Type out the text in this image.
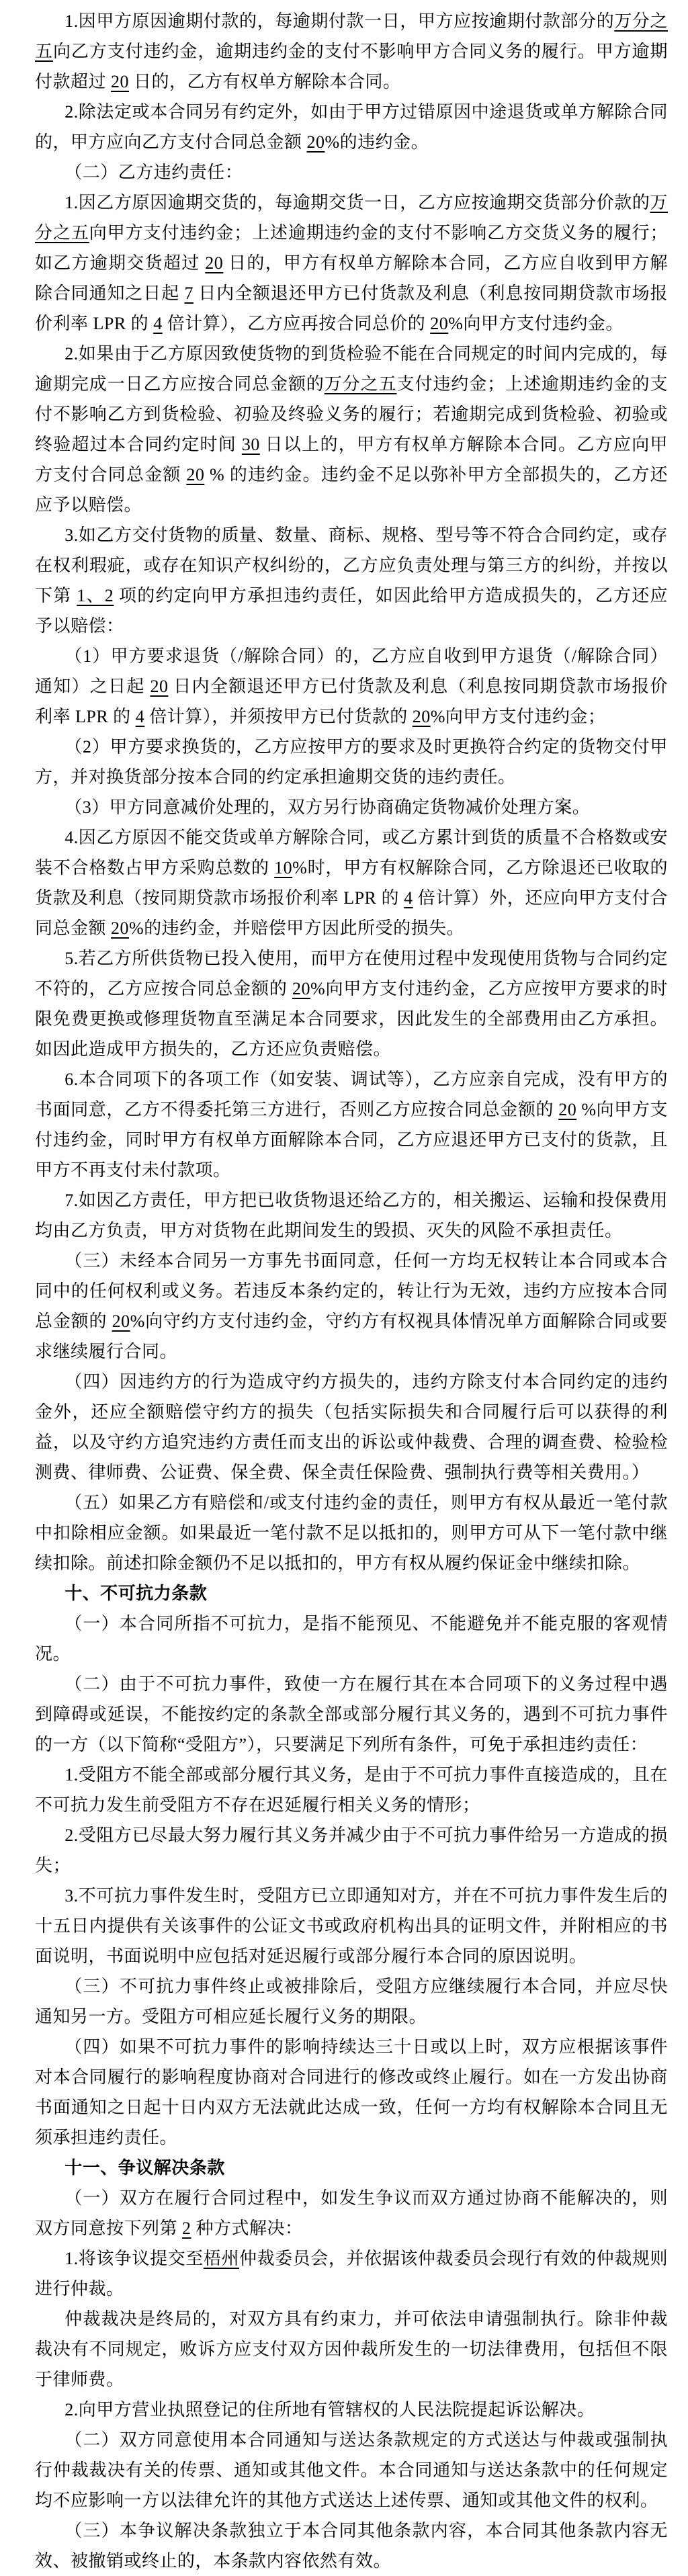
1.因甲方原因逾期付款的，每逾期付款一日，甲方应按逾期付款部分的万分之五向乙方支付违约金，逾期违约金的支付不影响甲方合同义务的履行。甲方逾期付款超过 20 日的，乙方有权单方解除本合同。

2.除法定或本合同另有约定外，如由于甲方过错原因中途退货或单方解除合同的，甲方应向乙方支付合同总金额 20%的违约金。

（二）乙方违约责任：

1.因乙方原因逾期交货的，每逾期交货一日，乙方应按逾期交货部分价款的万分之五向甲方支付违约金；上述逾期违约金的支付不影响乙方交货义务的履行；如乙方逾期交货超过 20 日的，甲方有权单方解除本合同，乙方应自收到甲方解除合同通知之日起 7 日内全额退还甲方已付货款及利息（利息按同期贷款市场报价利率 LPR 的 4 倍计算），乙方应再按合同总价的 20%向甲方支付违约金。

2.如果由于乙方原因致使货物的到货检验不能在合同规定的时间内完成的，每逾期完成一日乙方应按合同总金额的万分之五支付违约金；上述逾期违约金的支付不影响乙方到货检验、初验及终验义务的履行；若逾期完成到货检验、初验或终验超过本合同约定时间 30 日以上的，甲方有权单方解除本合同。乙方应向甲方支付合同总金额 20 % 的违约金。违约金不足以弥补甲方全部损失的，乙方还应予以赔偿。

3.如乙方交付货物的质量、数量、商标、规格、型号等不符合合同约定，或存在权利瑕疵，或存在知识产权纠纷的，乙方应负责处理与第三方的纠纷，并按以下第 1、2 项的约定向甲方承担违约责任，如因此给甲方造成损失的，乙方还应予以赔偿：

（1）甲方要求退货（/解除合同）的，乙方应自收到甲方退货（/解除合同）通知）之日起 20 日内全额退还甲方已付货款及利息（利息按同期贷款市场报价利率 LPR 的 4 倍计算），并须按甲方已付货款的 20%向甲方支付违约金；

（2）甲方要求换货的，乙方应按甲方的要求及时更换符合约定的货物交付甲方，并对换货部分按本合同的约定承担逾期交货的违约责任。

（3）甲方同意减价处理的，双方另行协商确定货物减价处理方案。

4.因乙方原因不能交货或单方解除合同，或乙方累计到货的质量不合格数或安装不合格数占甲方采购总数的 10%时，甲方有权解除合同，乙方除退还已收取的货款及利息（按同期贷款市场报价利率 LPR 的 4 倍计算）外，还应向甲方支付合同总金额 20%的违约金，并赔偿甲方因此所受的损失。

5.若乙方所供货物已投入使用，而甲方在使用过程中发现使用货物与合同约定不符的，乙方应按合同总金额的 20%向甲方支付违约金，乙方应按甲方要求的时限免费更换或修理货物直至满足本合同要求，因此发生的全部费用由乙方承担。如因此造成甲方损失的，乙方还应负责赔偿。

6.本合同项下的各项工作（如安装、调试等），乙方应亲自完成，没有甲方的书面同意，乙方不得委托第三方进行，否则乙方应按合同总金额的 20 %向甲方支付违约金，同时甲方有权单方面解除本合同，乙方应退还甲方已支付的货款，且甲方不再支付未付款项。

7.如因乙方责任，甲方把已收货物退还给乙方的，相关搬运、运输和投保费用均由乙方负责，甲方对货物在此期间发生的毁损、灭失的风险不承担责任。

（三）未经本合同另一方事先书面同意，任何一方均无权转让本合同或本合同中的任何权利或义务。若违反本条约定的，转让行为无效，违约方应按本合同总金额的 20%向守约方支付违约金，守约方有权视具体情况单方面解除合同或要求继续履行合同。

（四）因违约方的行为造成守约方损失的，违约方除支付本合同约定的违约金外，还应全额赔偿守约方的损失（包括实际损失和合同履行后可以获得的利益，以及守约方追究违约方责任而支出的诉讼或仲裁费、合理的调查费、检验检测费、律师费、公证费、保全费、保全责任保险费、强制执行费等相关费用。）

（五）如果乙方有赔偿和/或支付违约金的责任，则甲方有权从最近一笔付款中扣除相应金额。如果最近一笔付款不足以抵扣的，则甲方可从下一笔付款中继续扣除。前述扣除金额仍不足以抵扣的，甲方有权从履约保证金中继续扣除。

十、不可抗力条款

（一）本合同所指不可抗力，是指不能预见、不能避免并不能克服的客观情况。

（二）由于不可抗力事件，致使一方在履行其在本合同项下的义务过程中遇到障碍或延误，不能按约定的条款全部或部分履行其义务的，遇到不可抗力事件的一方（以下简称“受阻方”），只要满足下列所有条件，可免于承担违约责任：

1.受阻方不能全部或部分履行其义务，是由于不可抗力事件直接造成的，且在不可抗力发生前受阻方不存在迟延履行相关义务的情形；

2.受阻方已尽最大努力履行其义务并减少由于不可抗力事件给另一方造成的损失；

3.不可抗力事件发生时，受阻方已立即通知对方，并在不可抗力事件发生后的十五日内提供有关该事件的公证文书或政府机构出具的证明文件，并附相应的书面说明，书面说明中应包括对延迟履行或部分履行本合同的原因说明。

（三）不可抗力事件终止或被排除后，受阻方应继续履行本合同，并应尽快通知另一方。受阻方可相应延长履行义务的期限。

（四）如果不可抗力事件的影响持续达三十日或以上时，双方应根据该事件对本合同履行的影响程度协商对合同进行的修改或终止履行。如在一方发出协商书面通知之日起十日内双方无法就此达成一致，任何一方均有权解除本合同且无须承担违约责任。

十一、争议解决条款

（一）双方在履行合同过程中，如发生争议而双方通过协商不能解决的，则双方同意按下列第 2 种方式解决：

1.将该争议提交至梧州仲裁委员会，并依据该仲裁委员会现行有效的仲裁规则进行仲裁。

仲裁裁决是终局的，对双方具有约束力，并可依法申请强制执行。除非仲裁裁决有不同规定，败诉方应支付双方因仲裁所发生的一切法律费用，包括但不限于律师费。

2.向甲方营业执照登记的住所地有管辖权的人民法院提起诉讼解决。

（二）双方同意使用本合同通知与送达条款规定的方式送达与仲裁或强制执行仲裁裁决有关的传票、通知或其他文件。本合同通知与送达条款中的任何规定均不应影响一方以法律允许的其他方式送达上述传票、通知或其他文件的权利。

（三）本争议解决条款独立于本合同其他条款内容，本合同其他条款内容无效、被撤销或终止的，本条款内容依然有效。
